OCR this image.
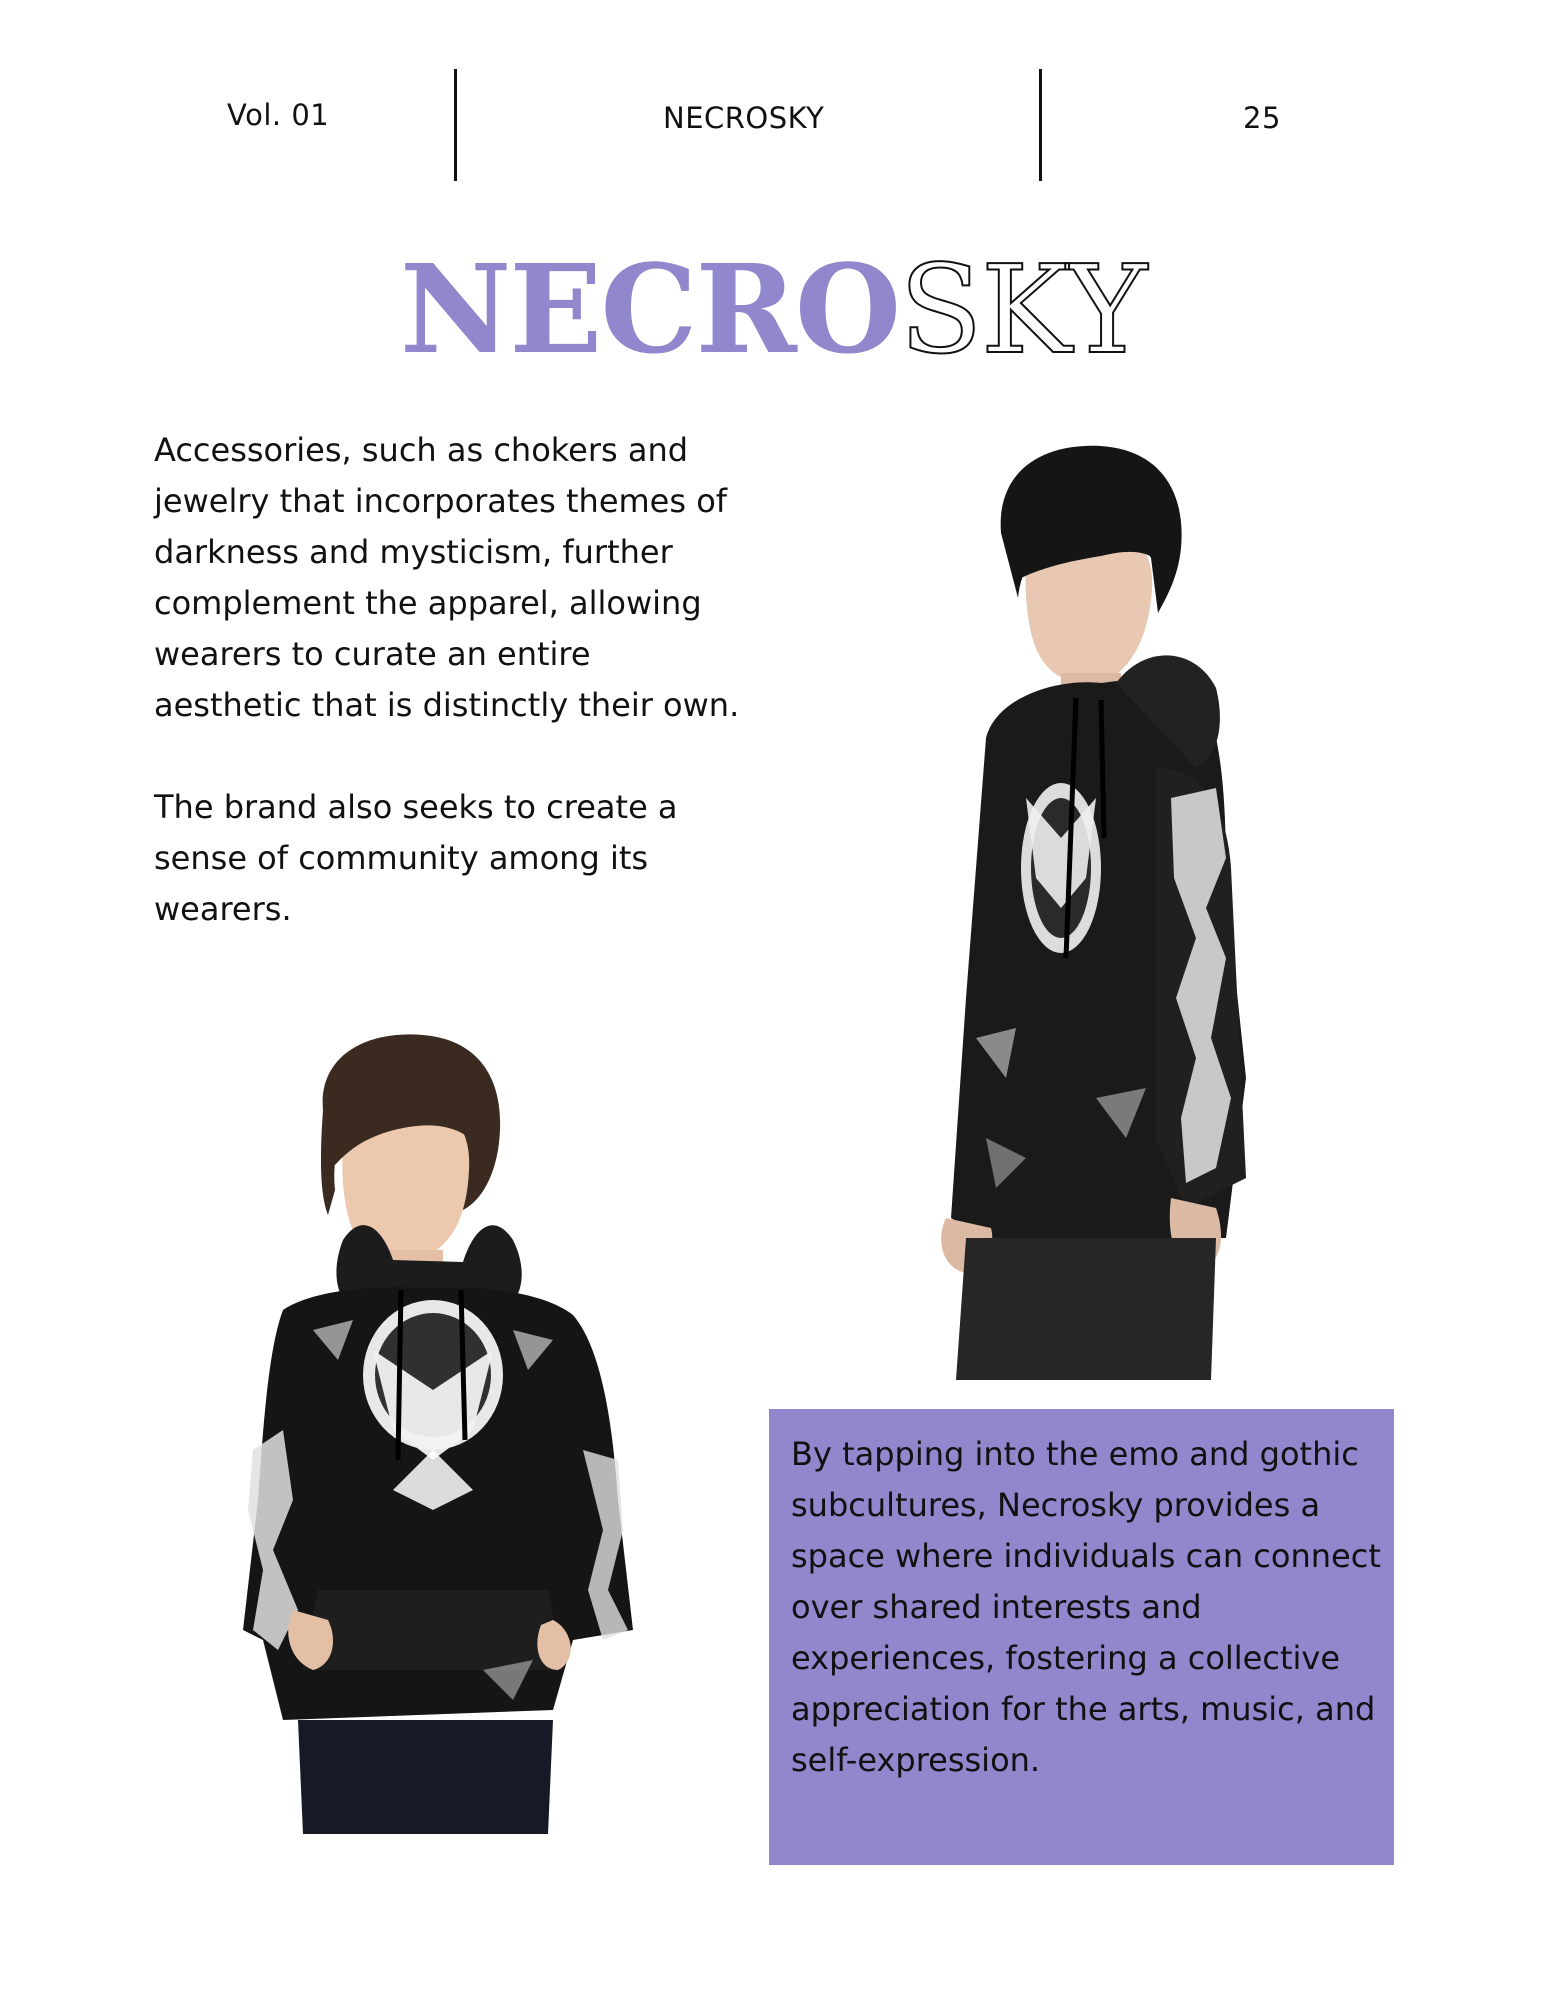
Vol. 01	NECROSKY	25
NECROSKY

Accessories, such as chokers and jewelry that incorporates themes of darkness and mysticism, further complement the apparel, allowing wearers to curate an entire aesthetic that is distinctly their own.

The brand also seeks to create a sense of community among its wearers.

By tapping into the emo and gothic subcultures, Necrosky provides a space where individuals can connect over shared interests and experiences, fostering a collective appreciation for the arts, music, and self-expression.
